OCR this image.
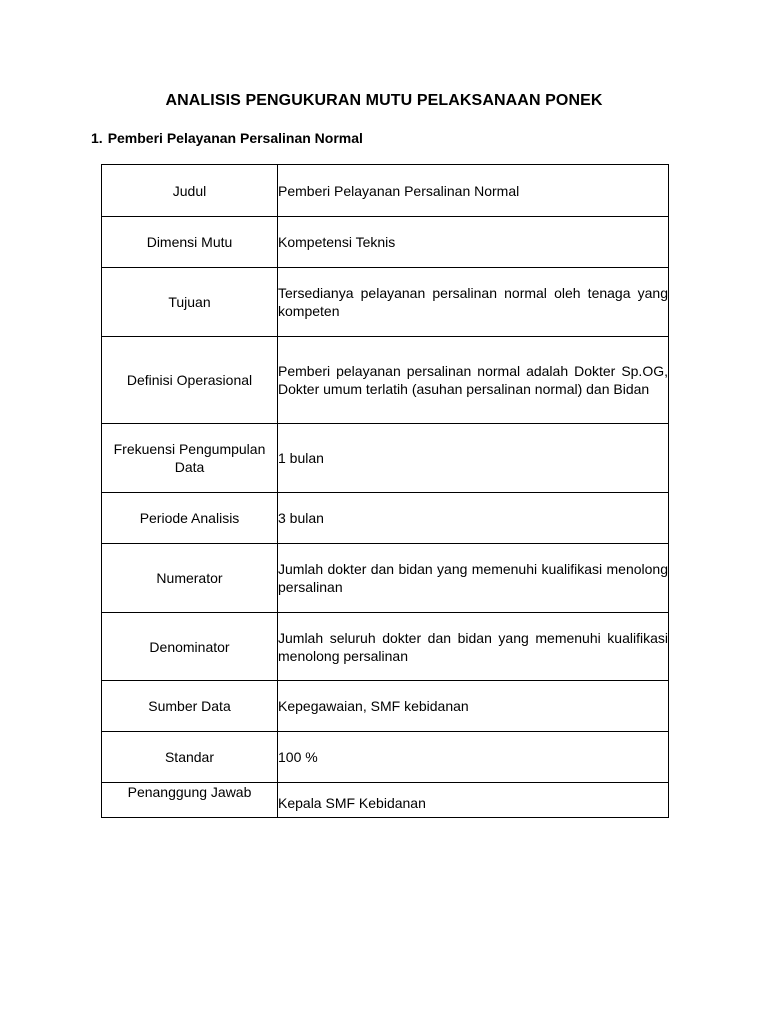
ANALISIS PENGUKURAN MUTU PELAKSANAAN PONEK
1. Pemberi Pelayanan Persalinan Normal
Judul	Pemberi Pelayanan Persalinan Normal
Dimensi Mutu	Kompetensi Teknis
Tujuan	Tersedianya pelayanan persalinan normal oleh tenaga yang kompeten
Definisi Operasional	Pemberi pelayanan persalinan normal adalah Dokter Sp.OG, Dokter umum terlatih (asuhan persalinan normal) dan Bidan
Frekuensi Pengumpulan Data	1 bulan
Periode Analisis	3 bulan
Numerator	Jumlah dokter dan bidan yang memenuhi kualifikasi menolong persalinan
Denominator	Jumlah seluruh dokter dan bidan yang memenuhi kualifikasi menolong persalinan
Sumber Data	Kepegawaian, SMF kebidanan
Standar	100 %
Penanggung Jawab	Kepala SMF Kebidanan
